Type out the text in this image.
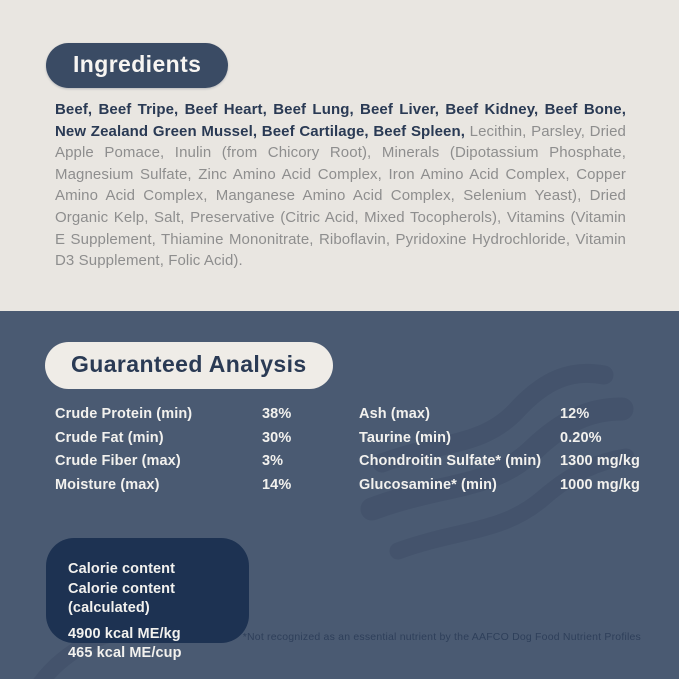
Ingredients

Beef, Beef Tripe, Beef Heart, Beef Lung, Beef Liver, Beef Kidney, Beef Bone, New Zealand Green Mussel, Beef Cartilage, Beef Spleen, Lecithin, Parsley, Dried Apple Pomace, Inulin (from Chicory Root), Minerals (Dipotassium Phosphate, Magnesium Sulfate, Zinc Amino Acid Complex, Iron Amino Acid Complex, Copper Amino Acid Complex, Manganese Amino Acid Complex, Selenium Yeast), Dried Organic Kelp, Salt, Preservative (Citric Acid, Mixed Tocopherols), Vitamins (Vitamin E Supplement, Thiamine Mononitrate, Riboflavin, Pyridoxine Hydrochloride, Vitamin D3 Supplement, Folic Acid).

Guaranteed Analysis
Crude Protein (min)	38%
Crude Fat (min)	30%
Crude Fiber (max)	3%
Moisture (max)	14%
Ash (max)	12%
Taurine (min)	0.20%
Chondroitin Sulfate* (min)	1300 mg/kg
Glucosamine* (min)	1000 mg/kg
Calorie content
Calorie content (calculated)
4900 kcal ME/kg
465 kcal ME/cup
*Not recognized as an essential nutrient by the AAFCO Dog Food Nutrient Profiles
